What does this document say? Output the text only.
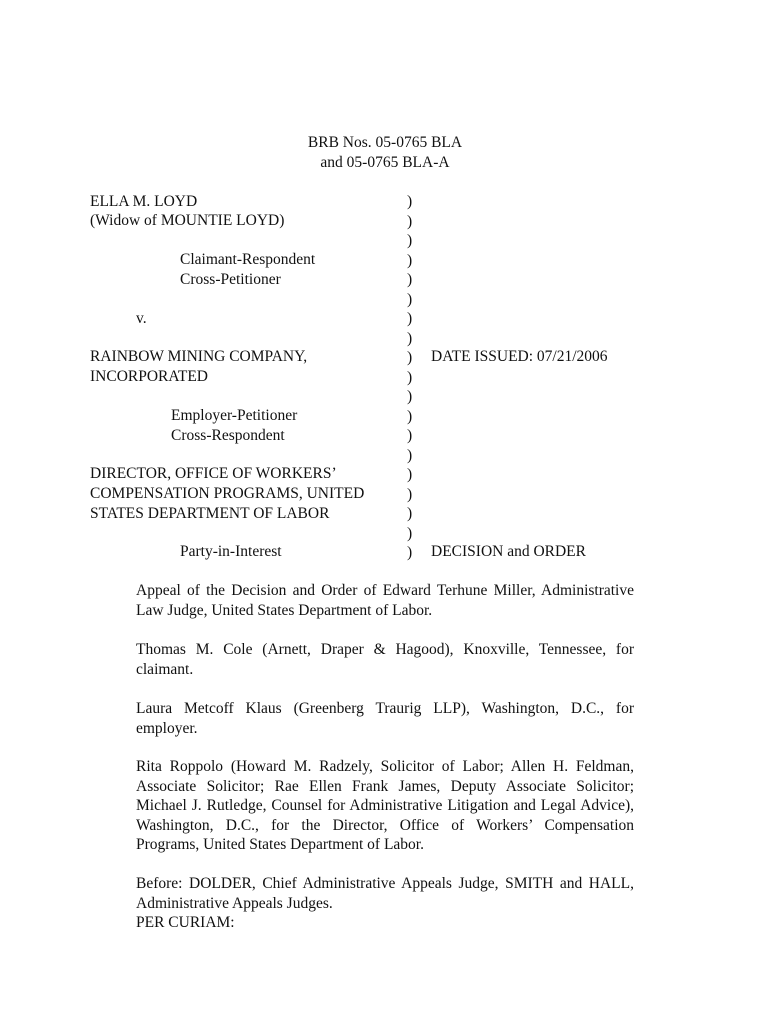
BRB Nos. 05-0765 BLA
and 05-0765 BLA-A
ELLA M. LOYD
(Widow of MOUNTIE LOYD)
Claimant-Respondent
Cross-Petitioner
v.
RAINBOW MINING COMPANY,
INCORPORATED
Employer-Petitioner
Cross-Respondent
DIRECTOR, OFFICE OF WORKERS’
COMPENSATION PROGRAMS, UNITED
STATES DEPARTMENT OF LABOR
Party-in-Interest
)
)
)
)
)
)
)
)
)
)
)
)
)
)
)
)
)
)
)
DATE ISSUED: 07/21/2006
DECISION and ORDER
Appeal of the Decision and Order of Edward Terhune Miller, Administrative
Law Judge, United States Department of Labor.
Thomas M. Cole (Arnett, Draper & Hagood), Knoxville, Tennessee, for
claimant.
Laura Metcoff Klaus (Greenberg Traurig LLP), Washington, D.C., for
employer.
Rita Roppolo (Howard M. Radzely, Solicitor of Labor; Allen H. Feldman,
Associate Solicitor; Rae Ellen Frank James, Deputy Associate Solicitor;
Michael J. Rutledge, Counsel for Administrative Litigation and Legal Advice),
Washington, D.C., for the Director, Office of Workers’ Compensation
Programs, United States Department of Labor.
Before: DOLDER, Chief Administrative Appeals Judge, SMITH and HALL,
Administrative Appeals Judges.
PER CURIAM:
